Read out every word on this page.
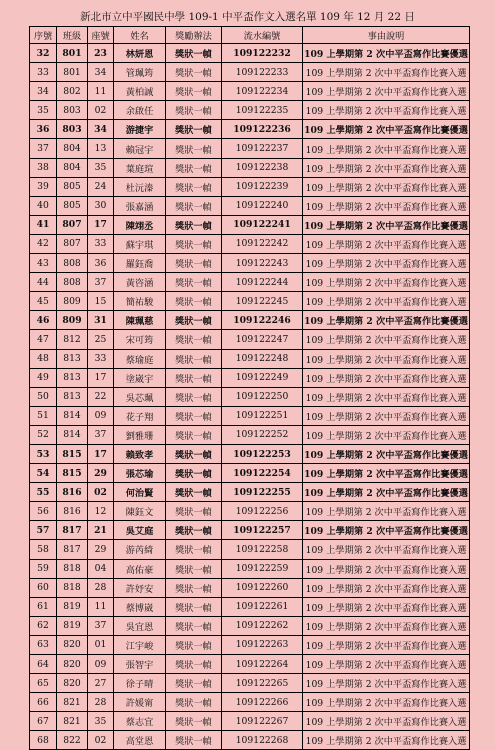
新北市立中平國民中學 109-1 中平盃作文入選名單 109 年 12 月 22 日
序號	班級	座號	姓名	獎勵辦法	流水編號	事由說明
32	801	23	林妍恩	獎狀一幀	109122232	109 上學期第 2 次中平盃寫作比賽優選
33	801	34	管珮筠	獎狀一幀	109122233	109 上學期第 2 次中平盃寫作比賽入選
34	802	11	黃柏誠	獎狀一幀	109122234	109 上學期第 2 次中平盃寫作比賽入選
35	803	02	余啟任	獎狀一幀	109122235	109 上學期第 2 次中平盃寫作比賽入選
36	803	34	游捷宇	獎狀一幀	109122236	109 上學期第 2 次中平盃寫作比賽優選
37	804	13	賴冠宇	獎狀一幀	109122237	109 上學期第 2 次中平盃寫作比賽入選
38	804	35	葉庭瑄	獎狀一幀	109122238	109 上學期第 2 次中平盃寫作比賽入選
39	805	24	杜沅溱	獎狀一幀	109122239	109 上學期第 2 次中平盃寫作比賽入選
40	805	30	張嘉涵	獎狀一幀	109122240	109 上學期第 2 次中平盃寫作比賽入選
41	807	17	陳翊丞	獎狀一幀	109122241	109 上學期第 2 次中平盃寫作比賽優選
42	807	33	蘇宇琪	獎狀一幀	109122242	109 上學期第 2 次中平盃寫作比賽入選
43	808	36	羅鈺喬	獎狀一幀	109122243	109 上學期第 2 次中平盃寫作比賽入選
44	808	37	黃咨涵	獎狀一幀	109122244	109 上學期第 2 次中平盃寫作比賽入選
45	809	15	簡祐駿	獎狀一幀	109122245	109 上學期第 2 次中平盃寫作比賽入選
46	809	31	陳珮慈	獎狀一幀	109122246	109 上學期第 2 次中平盃寫作比賽優選
47	812	25	宋可筠	獎狀一幀	109122247	109 上學期第 2 次中平盃寫作比賽入選
48	813	33	蔡瑜庭	獎狀一幀	109122248	109 上學期第 2 次中平盃寫作比賽入選
49	813	17	塗崴宇	獎狀一幀	109122249	109 上學期第 2 次中平盃寫作比賽入選
50	813	22	吳芯珮	獎狀一幀	109122250	109 上學期第 2 次中平盃寫作比賽入選
51	814	09	花子翔	獎狀一幀	109122251	109 上學期第 2 次中平盃寫作比賽入選
52	814	37	劉雅珊	獎狀一幀	109122252	109 上學期第 2 次中平盃寫作比賽入選
53	815	17	賴致孝	獎狀一幀	109122253	109 上學期第 2 次中平盃寫作比賽優選
54	815	29	張芯瑜	獎狀一幀	109122254	109 上學期第 2 次中平盃寫作比賽優選
55	816	02	何治賢	獎狀一幀	109122255	109 上學期第 2 次中平盃寫作比賽優選
56	816	12	陳鈺文	獎狀一幀	109122256	109 上學期第 2 次中平盃寫作比賽入選
57	817	21	吳艾庭	獎狀一幀	109122257	109 上學期第 2 次中平盃寫作比賽優選
58	817	29	游芮綺	獎狀一幀	109122258	109 上學期第 2 次中平盃寫作比賽入選
59	818	04	高佑豪	獎狀一幀	109122259	109 上學期第 2 次中平盃寫作比賽入選
60	818	28	許妤安	獎狀一幀	109122260	109 上學期第 2 次中平盃寫作比賽入選
61	819	11	蔡博崴	獎狀一幀	109122261	109 上學期第 2 次中平盃寫作比賽入選
62	819	37	吳宜恩	獎狀一幀	109122262	109 上學期第 2 次中平盃寫作比賽入選
63	820	01	江宇峻	獎狀一幀	109122263	109 上學期第 2 次中平盃寫作比賽入選
64	820	09	張智宇	獎狀一幀	109122264	109 上學期第 2 次中平盃寫作比賽入選
65	820	27	徐子晴	獎狀一幀	109122265	109 上學期第 2 次中平盃寫作比賽入選
66	821	28	許媛甯	獎狀一幀	109122266	109 上學期第 2 次中平盃寫作比賽入選
67	821	35	蔡志宜	獎狀一幀	109122267	109 上學期第 2 次中平盃寫作比賽入選
68	822	02	高堂恩	獎狀一幀	109122268	109 上學期第 2 次中平盃寫作比賽入選
